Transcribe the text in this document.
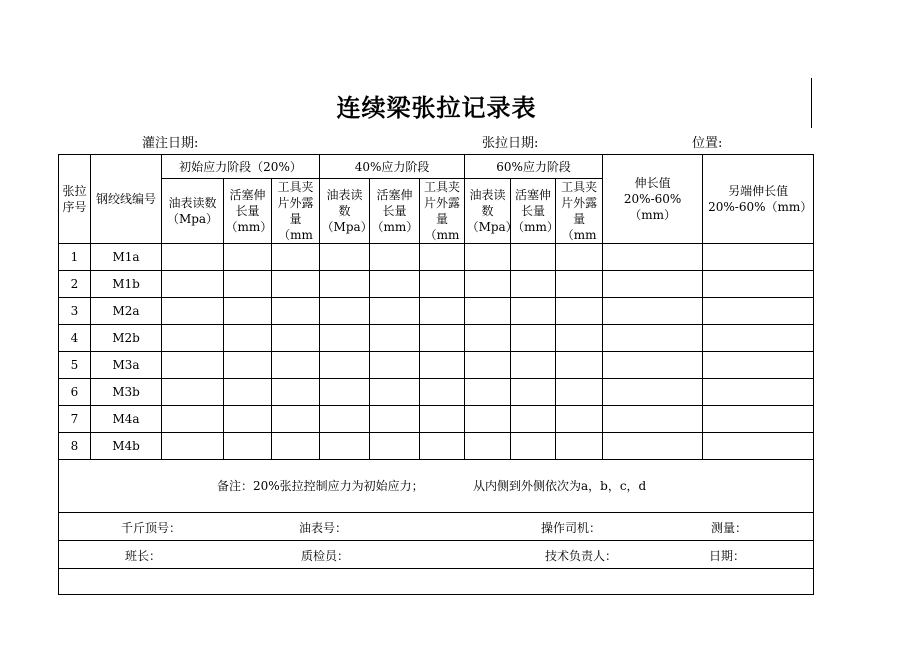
连续梁张拉记录表
灌注日期:	张拉日期:	位置:
张拉序号	钢绞线编号	初始应力阶段（20%）			40%应力阶段			60%应力阶段			伸长值20%-60%（mm）	另端伸长值20%-60%（mm）
		油表读数（Mpa）	活塞伸长量（mm）	工具夹片外露量（mm	油表读数（Mpa）	活塞伸长量（mm）	工具夹片外露量（mm	油表读数（Mpa）	活塞伸长量（mm）	工具夹片外露量（mm		

1	M1a											
2	M1b											
3	M2a											
4	M2b											
5	M3a											
6	M3b											
7	M4a											
8	M4b											

备注：20%张拉控制应力为初始应力； 从内侧到外侧依次为a，b，c，d												

千斤顶号： 油表号： 操作司机： 测量：												

班长： 质检员： 技术负责人： 日期：												
